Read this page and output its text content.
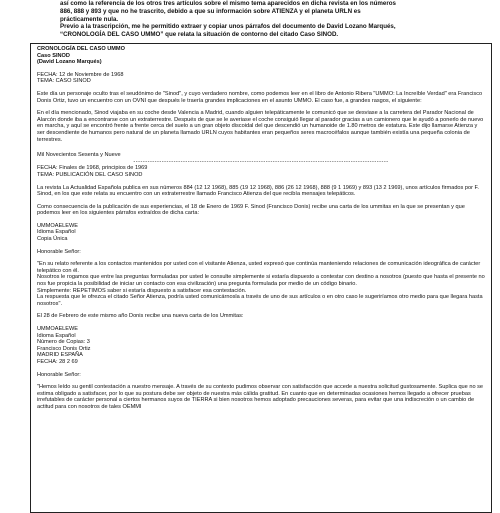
así como la referencia de los otros tres artículos sobre el mismo tema aparecidos en dicha revista en los números

886, 888 y 893 y que no he trascrito, debido a que su información sobre ATIENZA y el planeta URLN es

prácticamente nula.

Previo a la trascripción, me he permitido extraer y copiar unos párrafos del documento de David Lozano Marqués,

“CRONOLOGÍA DEL CASO UMMO” que relata la situación de contorno del citado Caso SINOD.

CRONOLOGÍA DEL CASO UMMO

Caso SINOD

(David Lozano Marqués)

FECHA: 12 de Noviembre de 1968

TEMA: CASO SINOD

Este día un personaje oculto tras el seudónimo de "Sinod", y cuyo verdadero nombre, como podemos leer en el libro de Antonio Ribera "UMMO: La Increíble Verdad" era Francisco Donis Ortiz, tuvo un encuentro con un OVNI que después le traería grandes implicaciones en el asunto UMMO. El caso fue, a grandes rasgos, el siguiente:

En el día mencionado, Sinod viajaba en su coche desde Valencia a Madrid, cuando alguien telepáticamente le comunicó que se desviase a la carretera del Parador Nacional de Alarcón donde iba a encontrarse con un extraterrestre. Después de que se le averiase el coche consiguió llegar al parador gracias a un camionero que le ayudó a ponerlo de nuevo en marcha, y aquí se encontró frente a frente cerca del suelo a un gran objeto discoidal del que descendió un humanoide de 1.80 metros de estatura. Este dijo llamarse Atienza y ser descendiente de humanos pero natural de un planeta llamado URLN cuyos habitantes eran pequeños seres macrocéfalos aunque también existía una pequeña colonia de terrestres.

Mil Novecientos Sesenta y Nueve

------------------------------------------------------------------------------------------------------------

FECHA: Finales de 1968, principios de 1969

TEMA: PUBLICACIÓN DEL CASO SINOD

La revista La Actualidad Española publica en sus números 884 (12 12 1968), 885 (19 12 1968), 886 (26 12 1968), 888 (9 1 1969) y 893 (13 2 1969), unos artículos firmados por F. Sinod, en los que este relata su encuentro con un extraterrestre llamado Francisco Atienza del que recibía mensajes telepáticos.

Como consecuencia de la publicación de sus experiencias, el 18 de Enero de 1969 F. Sinod (Francisco Donis) recibe una carta de los ummitas en la que se presentan y que podemos leer en los siguientes párrafos extraídos de dicha carta:

UMMOAELEWE

Idioma Español

Copia Única

Honorable Señor:

"En su relato referente a los contactos mantenidos por usted con el visitante Atienza, usted expresó que continúa manteniendo relaciones de comunicación ideográfica de carácter telepático con él.

Nosotros le rogamos que entre las preguntas formuladas por usted le consulte simplemente si estaría dispuesto a contestar con destino a nosotros (puesto que hasta el presente no nos fue propicia la posibilidad de iniciar un contacto con esa civilización) una pregunta formulada por medio de un código binario.

Simplemente: REPETIMOS saber si estaría dispuesto a satisfacer esa contestación.

La respuesta que le ofrezca el citado Señor Atienza, podría usted comunicárnosla a través de uno de sus artículos o en otro caso le sugeriríamos otro medio para que llegara hasta nosotros".

El 28 de Febrero de este mismo año Donis recibe una nueva carta de los Ummitas:

UMMOAELEWE

Idioma Español

Número de Copias: 3

Francisco Donis Ortiz

MADRID ESPAÑA

FECHA: 28 2 69

Honorable Señor:

"Hemos leído su gentil contestación a nuestro mensaje. A través de su contexto pudimos observar con satisfacción que accede a nuestra solicitud gustosamente. Suplica que no se estima obligado a satisfacer, por lo que su postura debe ser objeto de nuestra más cálida gratitud. En cuanto que en determinadas ocasiones hemos llegado a ofrecer pruebas irrefutables de carácter personal a ciertos hermanos suyos de TIERRA si bien nosotros hemos adoptado precauciones severas, para evitar que una indiscreción o un cambio de actitud para con nosotros de tales OEMMI
